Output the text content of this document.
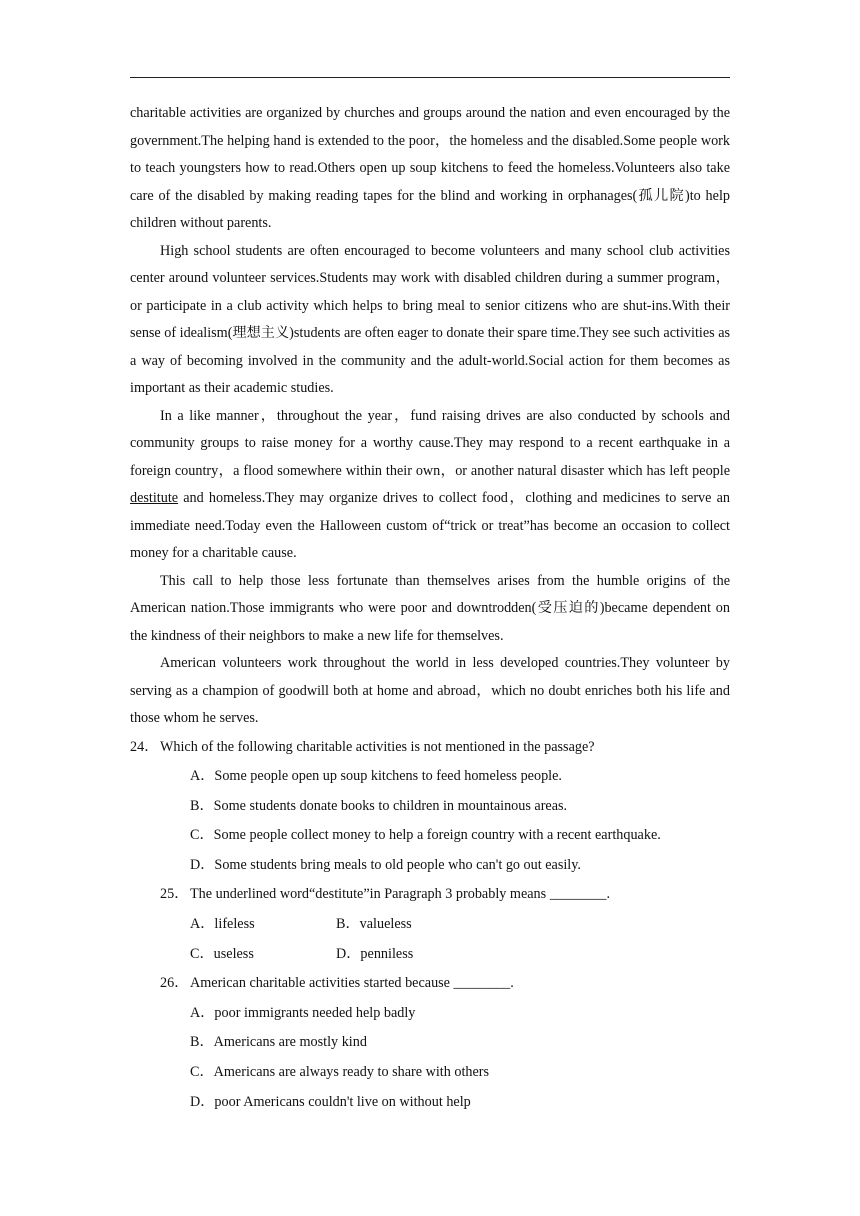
charitable activities are organized by churches and groups around the nation and even encouraged by the government.The helping hand is extended to the poor，the homeless and the disabled.Some people work to teach youngsters how to read.Others open up soup kitchens to feed the homeless.Volunteers also take care of the disabled by making reading tapes for the blind and working in orphanages(孤儿院)to help children without parents.

High school students are often encouraged to become volunteers and many school club activities center around volunteer services.Students may work with disabled children during a summer program，or participate in a club activity which helps to bring meal to senior citizens who are shut-ins.With their sense of idealism(理想主义)students are often eager to donate their spare time.They see such activities as a way of becoming involved in the community and the adult-world.Social action for them becomes as important as their academic studies.

In a like manner，throughout the year，fund raising drives are also conducted by schools and community groups to raise money for a worthy cause.They may respond to a recent earthquake in a foreign country，a flood somewhere within their own，or another natural disaster which has left people destitute and homeless.They may organize drives to collect food，clothing and medicines to serve an immediate need.Today even the Halloween custom of“trick or treat”has become an occasion to collect money for a charitable cause.

This call to help those less fortunate than themselves arises from the humble origins of the American nation.Those immigrants who were poor and downtrodden(受压迫的)became dependent on the kindness of their neighbors to make a new life for themselves.

American volunteers work throughout the world in less developed countries.They volunteer by serving as a champion of goodwill both at home and abroad，which no doubt enriches both his life and those whom he serves.

24． Which of the following charitable activities is not mentioned in the passage?

A．Some people open up soup kitchens to feed homeless people.

B．Some students donate books to children in mountainous areas.

C．Some people collect money to help a foreign country with a recent earthquake.

D．Some students bring meals to old people who can't go out easily.

25． The underlined word“destitute”in Paragraph 3 probably means ________.

A．lifeless	B．valueless

C．useless	D．penniless

26． American charitable activities started because ________.

A．poor immigrants needed help badly

B．Americans are mostly kind

C．Americans are always ready to share with others

D．poor Americans couldn't live on without help
